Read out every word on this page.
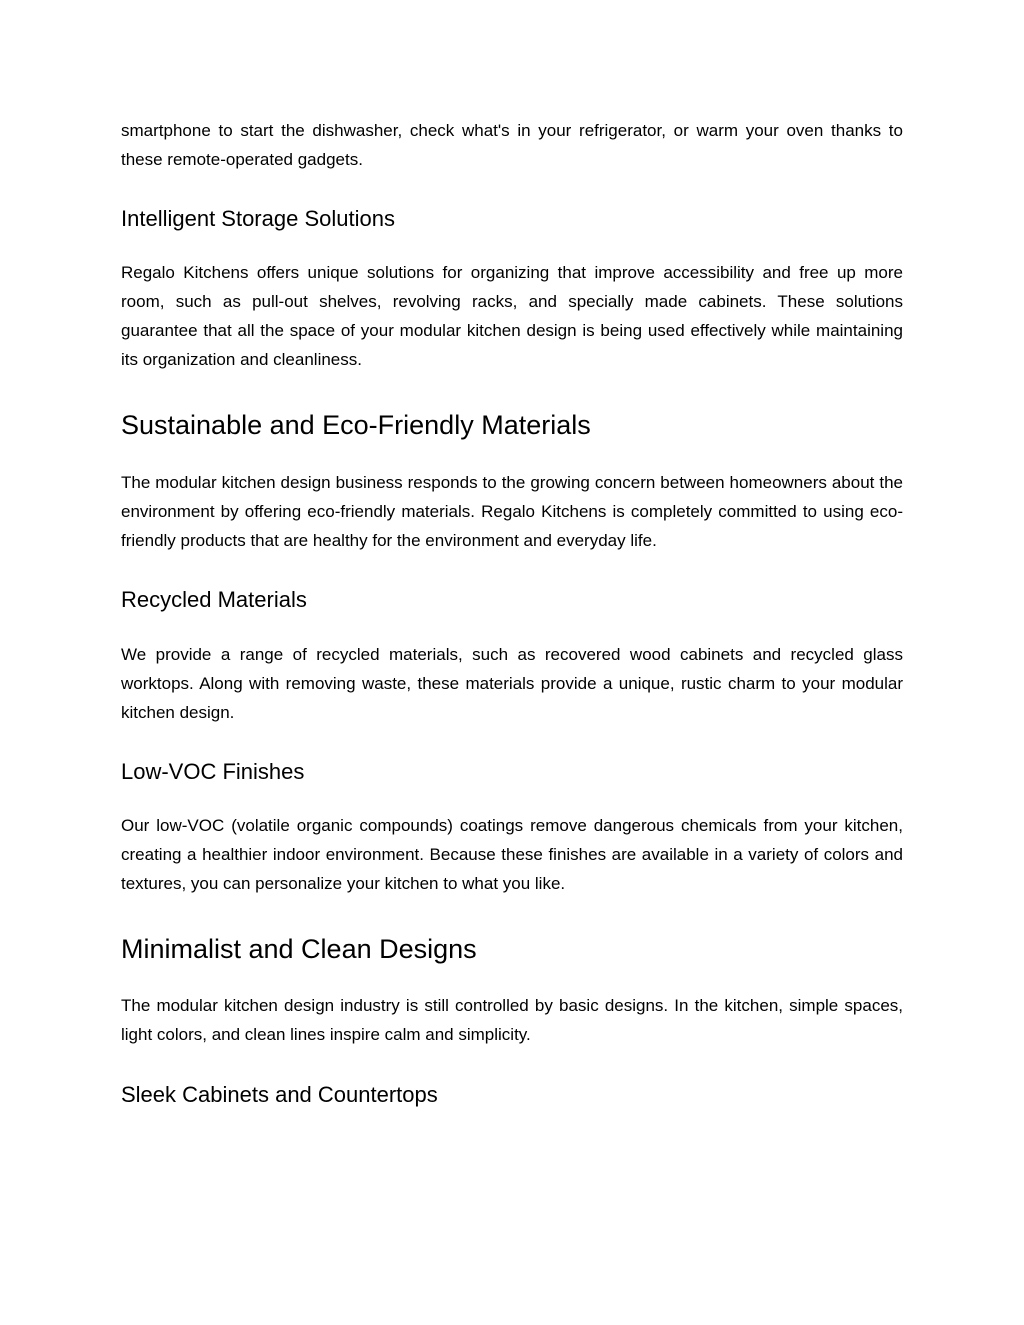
smartphone to start the dishwasher, check what's in your refrigerator, or warm your oven thanks to these remote-operated gadgets.

Intelligent Storage Solutions

Regalo Kitchens offers unique solutions for organizing that improve accessibility and free up more room, such as pull-out shelves, revolving racks, and specially made cabinets. These solutions guarantee that all the space of your modular kitchen design is being used effectively while maintaining its organization and cleanliness.

Sustainable and Eco-Friendly Materials

The modular kitchen design business responds to the growing concern between homeowners about the environment by offering eco-friendly materials. Regalo Kitchens is completely committed to using eco-friendly products that are healthy for the environment and everyday life.

Recycled Materials

We provide a range of recycled materials, such as recovered wood cabinets and recycled glass worktops. Along with removing waste, these materials provide a unique, rustic charm to your modular kitchen design.

Low-VOC Finishes

Our low-VOC (volatile organic compounds) coatings remove dangerous chemicals from your kitchen, creating a healthier indoor environment. Because these finishes are available in a variety of colors and textures, you can personalize your kitchen to what you like.

Minimalist and Clean Designs

The modular kitchen design industry is still controlled by basic designs. In the kitchen, simple spaces, light colors, and clean lines inspire calm and simplicity.

Sleek Cabinets and Countertops
